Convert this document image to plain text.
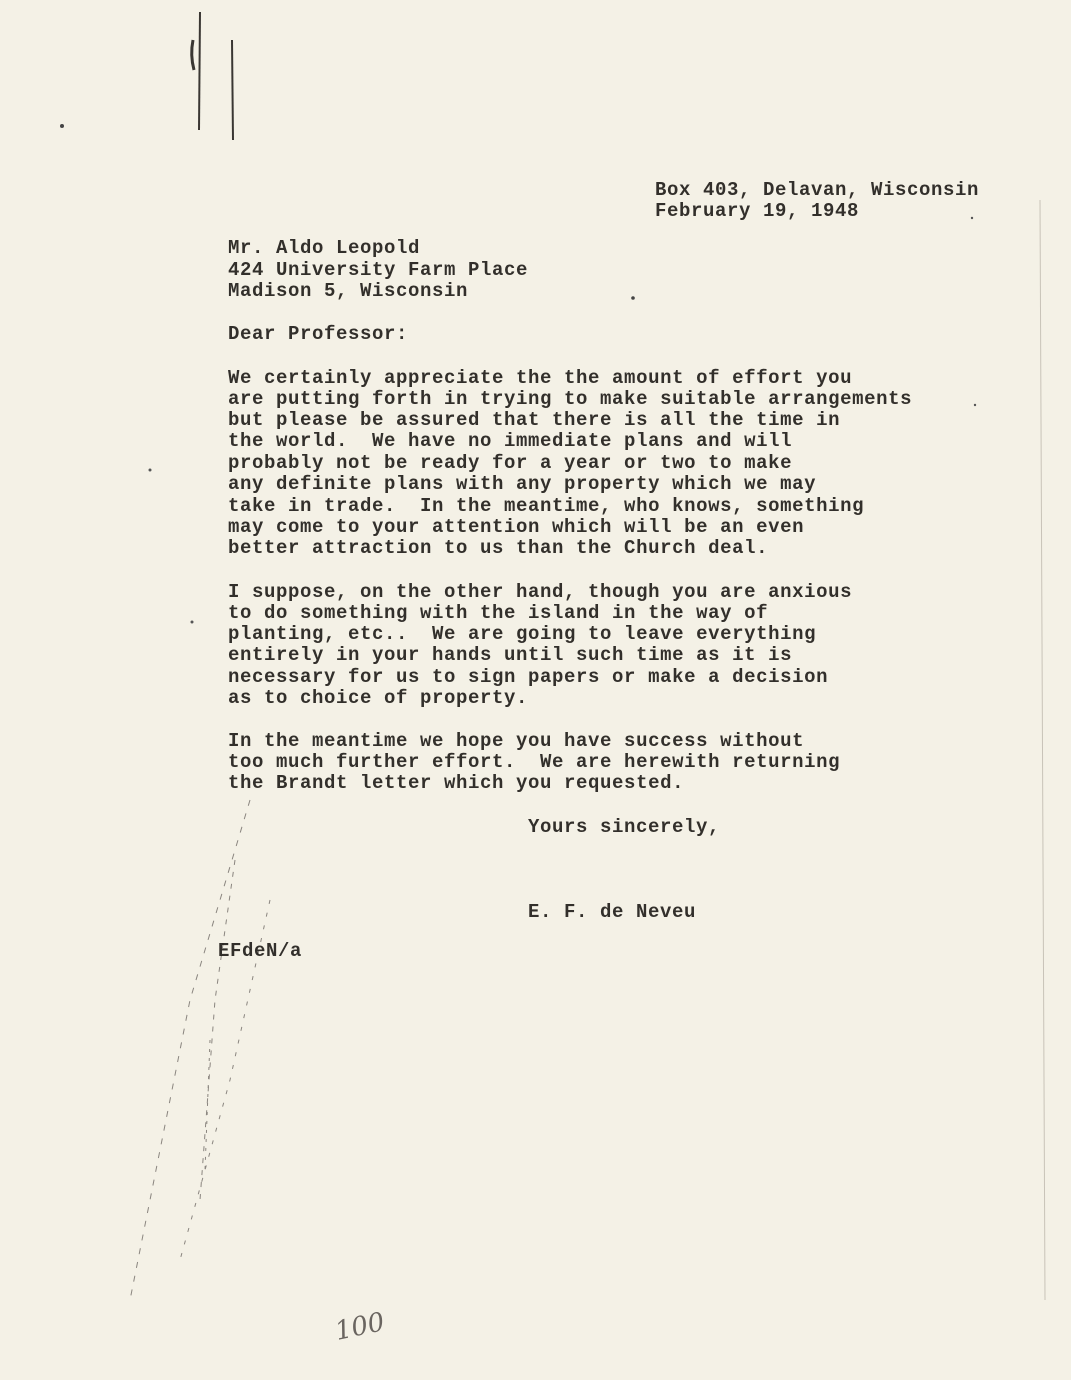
Box 403, Delavan, Wisconsin
February 19, 1948
Mr. Aldo Leopold
424 University Farm Place
Madison 5, Wisconsin
Dear Professor:
We certainly appreciate the the amount of effort you
are putting forth in trying to make suitable arrangements
but please be assured that there is all the time in
the world.  We have no immediate plans and will
probably not be ready for a year or two to make
any definite plans with any property which we may
take in trade.  In the meantime, who knows, something
may come to your attention which will be an even
better attraction to us than the Church deal.
I suppose, on the other hand, though you are anxious
to do something with the island in the way of
planting, etc..  We are going to leave everything
entirely in your hands until such time as it is
necessary for us to sign papers or make a decision
as to choice of property.
In the meantime we hope you have success without
too much further effort.  We are herewith returning
the Brandt letter which you requested.
Yours sincerely,
E. F. de Neveu
EFdeN/a
100
